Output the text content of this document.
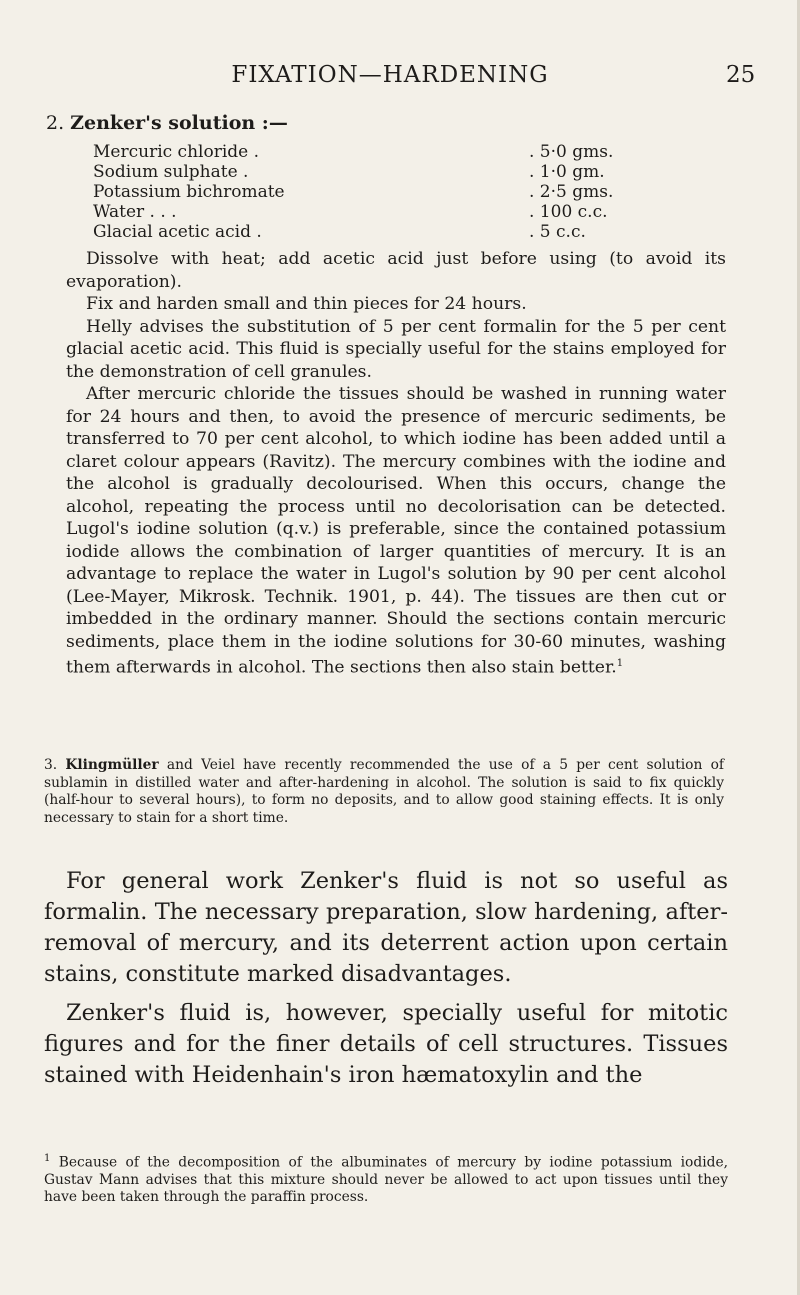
FIXATION—HARDENING	25
2. Zenker's solution :—
Mercuric chloride .	. 5·0 gms.
Sodium sulphate .	. 1·0 gm.
Potassium bichromate	. 2·5 gms.
Water . . .	. 100 c.c.
Glacial acetic acid .	. 5 c.c.

Dissolve with heat; add acetic acid just before using (to avoid its evaporation).

Fix and harden small and thin pieces for 24 hours.

Helly advises the substitution of 5 per cent formalin for the 5 per cent glacial acetic acid. This fluid is specially useful for the stains employed for the demonstration of cell granules.

After mercuric chloride the tissues should be washed in running water for 24 hours and then, to avoid the presence of mercuric sediments, be transferred to 70 per cent alcohol, to which iodine has been added until a claret colour appears (Ravitz). The mercury combines with the iodine and the alcohol is gradually decolourised. When this occurs, change the alcohol, repeating the process until no decolorisation can be detected. Lugol's iodine solution (q.v.) is preferable, since the contained potassium iodide allows the combination of larger quantities of mercury. It is an advantage to replace the water in Lugol's solution by 90 per cent alcohol (Lee-Mayer, Mikrosk. Technik. 1901, p. 44). The tissues are then cut or imbedded in the ordinary manner. Should the sections contain mercuric sediments, place them in the iodine solutions for 30-60 minutes, washing them afterwards in alcohol. The sections then also stain better.$^1$

3. Klingmüller and Veiel have recently recommended the use of a 5 per cent solution of sublamin in distilled water and after-hardening in alcohol. The solution is said to fix quickly (half-hour to several hours), to form no deposits, and to allow good staining effects. It is only necessary to stain for a short time.

For general work Zenker's fluid is not so useful as formalin. The necessary preparation, slow hardening, after-removal of mercury, and its deterrent action upon certain stains, constitute marked disadvantages.

Zenker's fluid is, however, specially useful for mitotic figures and for the finer details of cell structures. Tissues stained with Heidenhain's iron hæmatoxylin and the

$^1$ Because of the decomposition of the albuminates of mercury by iodine potassium iodide, Gustav Mann advises that this mixture should never be allowed to act upon tissues until they have been taken through the paraffin process.
